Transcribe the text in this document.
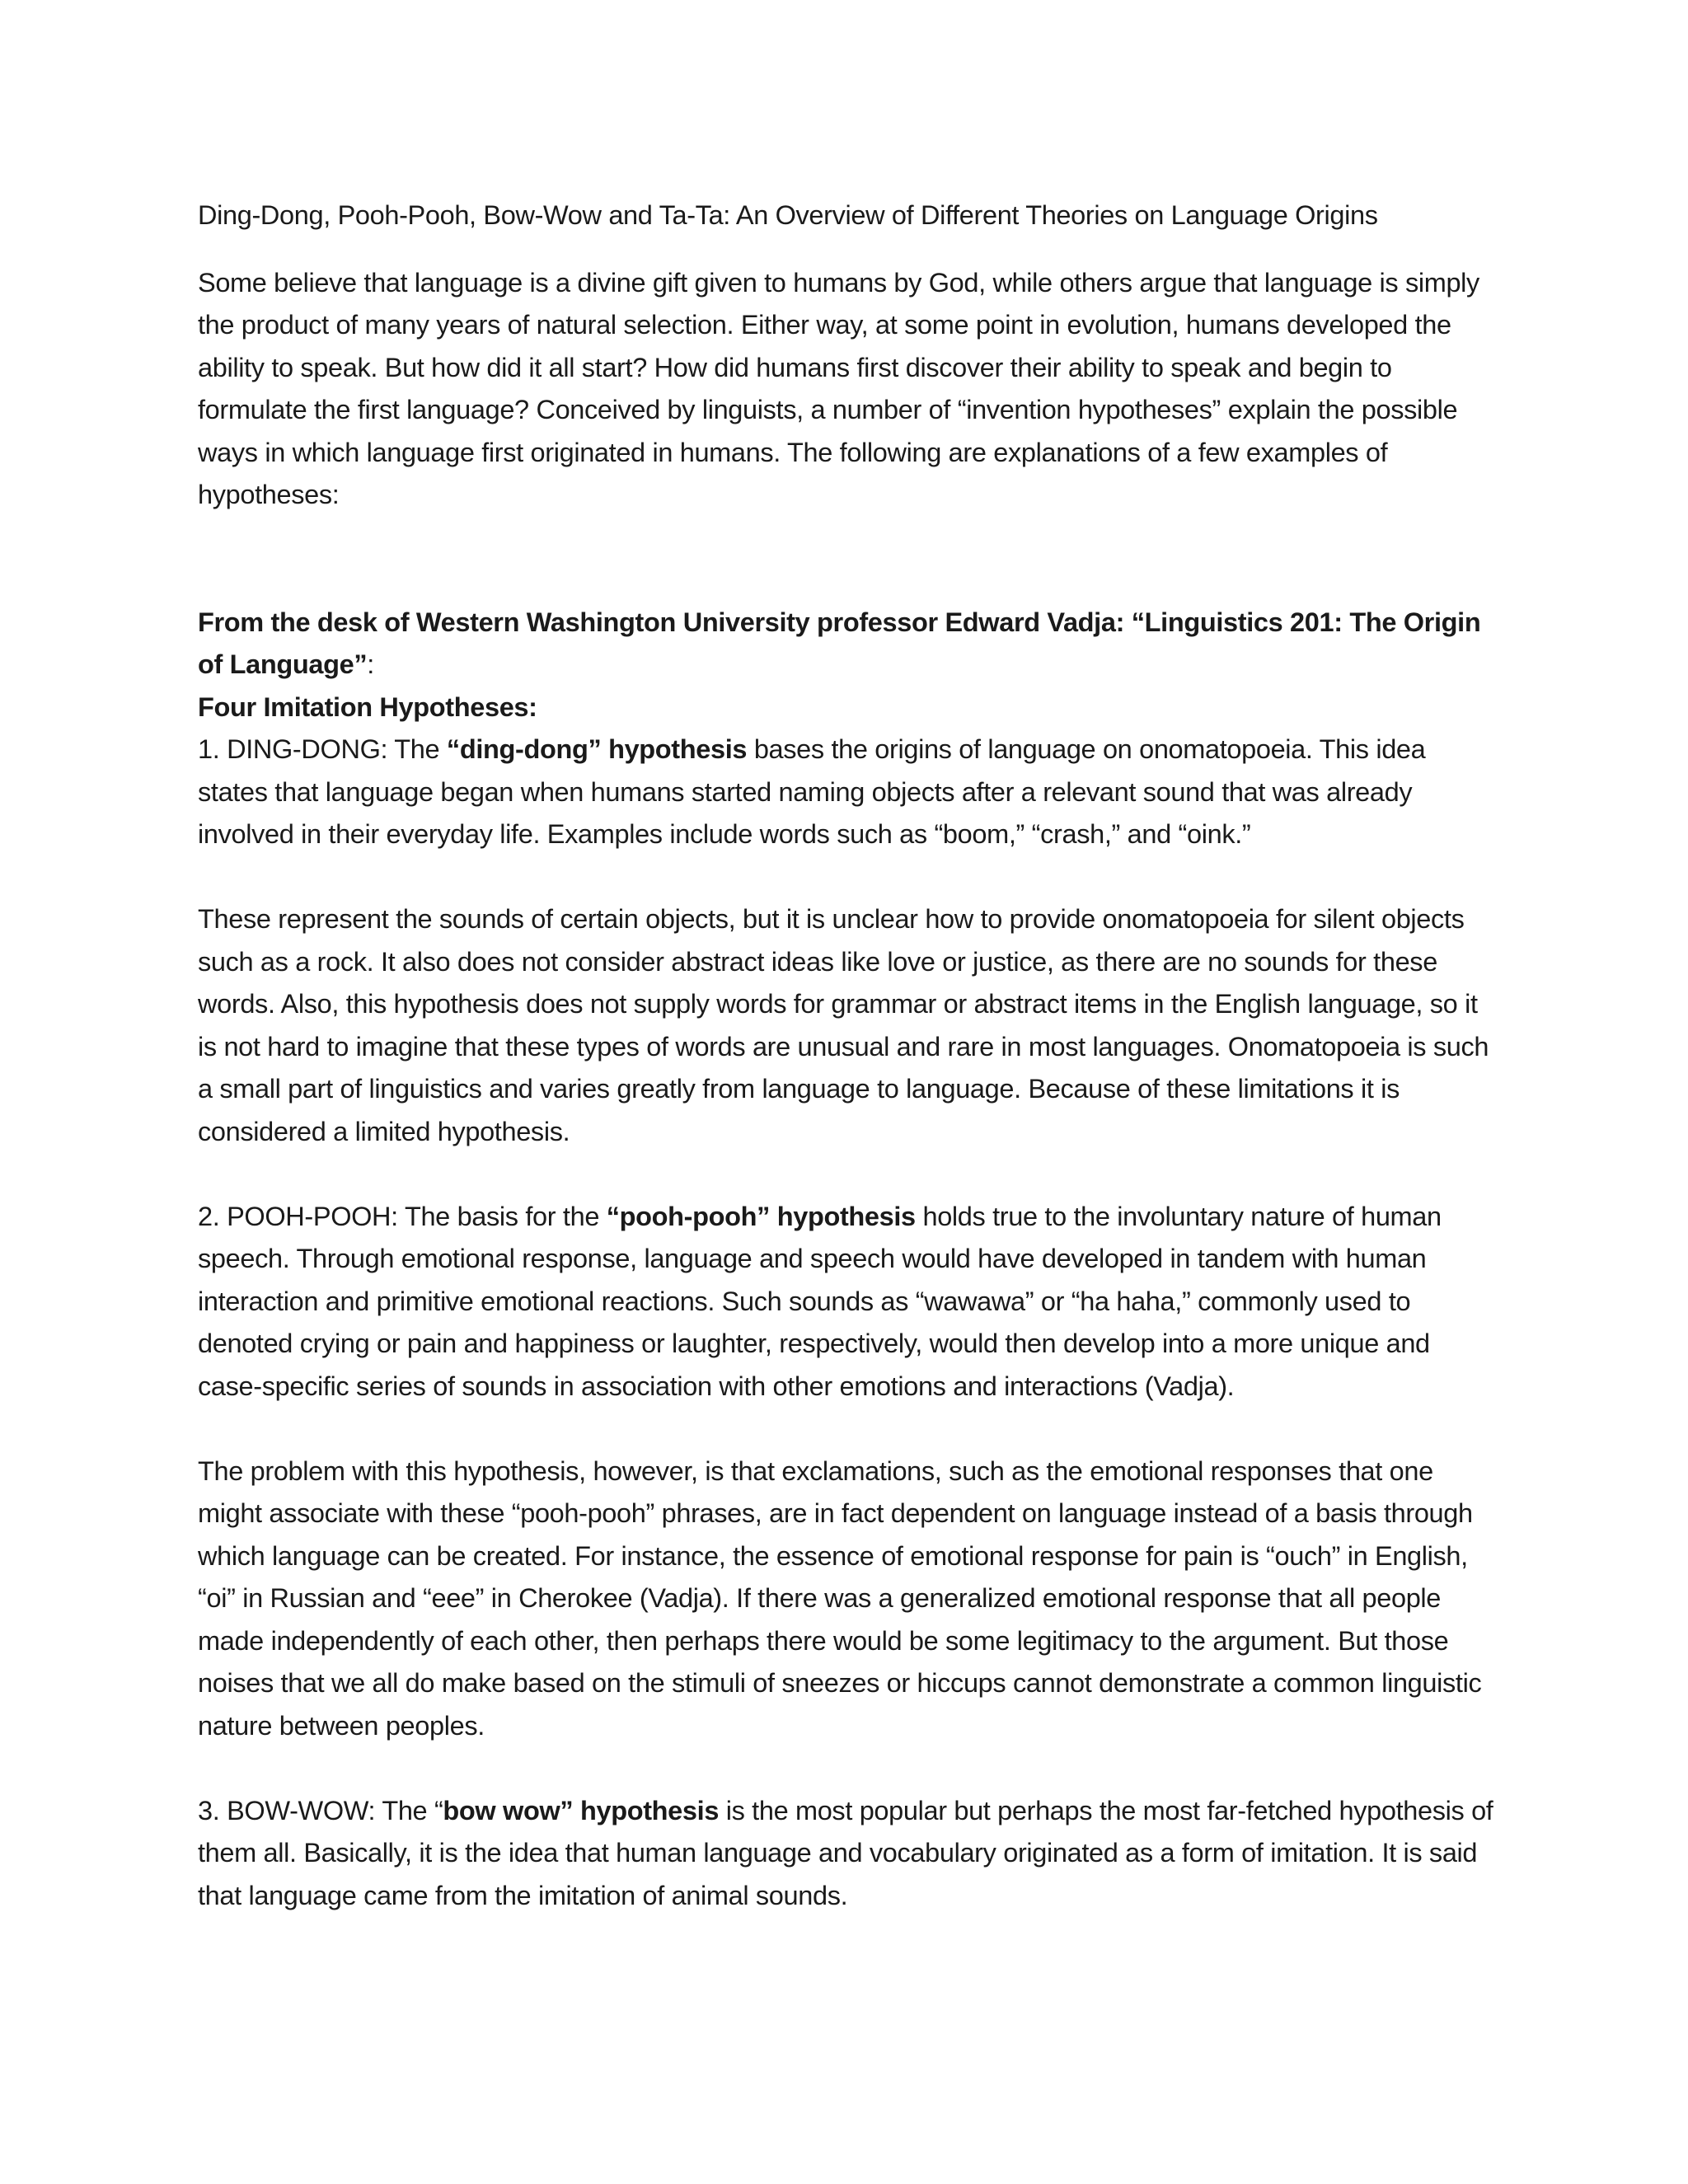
Ding-Dong, Pooh-Pooh, Bow-Wow and Ta-Ta: An Overview of Different Theories on Language Origins

Some believe that language is a divine gift given to humans by God, while others argue that language is simply the product of many years of natural selection. Either way, at some point in evolution, humans developed the ability to speak. But how did it all start? How did humans first discover their ability to speak and begin to formulate the first language? Conceived by linguists, a number of “invention hypotheses” explain the possible ways in which language first originated in humans. The following are explanations of a few examples of hypotheses:

From the desk of Western Washington University professor Edward Vadja: “Linguistics 201: The Origin of Language”:

Four Imitation Hypotheses:

1. DING-DONG: The “ding-dong” hypothesis bases the origins of language on onomatopoeia. This idea states that language began when humans started naming objects after a relevant sound that was already involved in their everyday life. Examples include words such as “boom,” “crash,” and “oink.”

These represent the sounds of certain objects, but it is unclear how to provide onomatopoeia for silent objects such as a rock. It also does not consider abstract ideas like love or justice, as there are no sounds for these words. Also, this hypothesis does not supply words for grammar or abstract items in the English language, so it is not hard to imagine that these types of words are unusual and rare in most languages. Onomatopoeia is such a small part of linguistics and varies greatly from language to language. Because of these limitations it is considered a limited hypothesis.

2. POOH-POOH: The basis for the “pooh-pooh” hypothesis holds true to the involuntary nature of human speech. Through emotional response, language and speech would have developed in tandem with human interaction and primitive emotional reactions. Such sounds as “wawawa” or “ha haha,” commonly used to denoted crying or pain and happiness or laughter, respectively, would then develop into a more unique and case-specific series of sounds in association with other emotions and interactions (Vadja).

The problem with this hypothesis, however, is that exclamations, such as the emotional responses that one might associate with these “pooh-pooh” phrases, are in fact dependent on language instead of a basis through which language can be created. For instance, the essence of emotional response for pain is “ouch” in English, “oi” in Russian and “eee” in Cherokee (Vadja). If there was a generalized emotional response that all people made independently of each other, then perhaps there would be some legitimacy to the argument. But those noises that we all do make based on the stimuli of sneezes or hiccups cannot demonstrate a common linguistic nature between peoples.

3. BOW-WOW: The “bow wow” hypothesis is the most popular but perhaps the most far-fetched hypothesis of them all. Basically, it is the idea that human language and vocabulary originated as a form of imitation. It is said that language came from the imitation of animal sounds.
